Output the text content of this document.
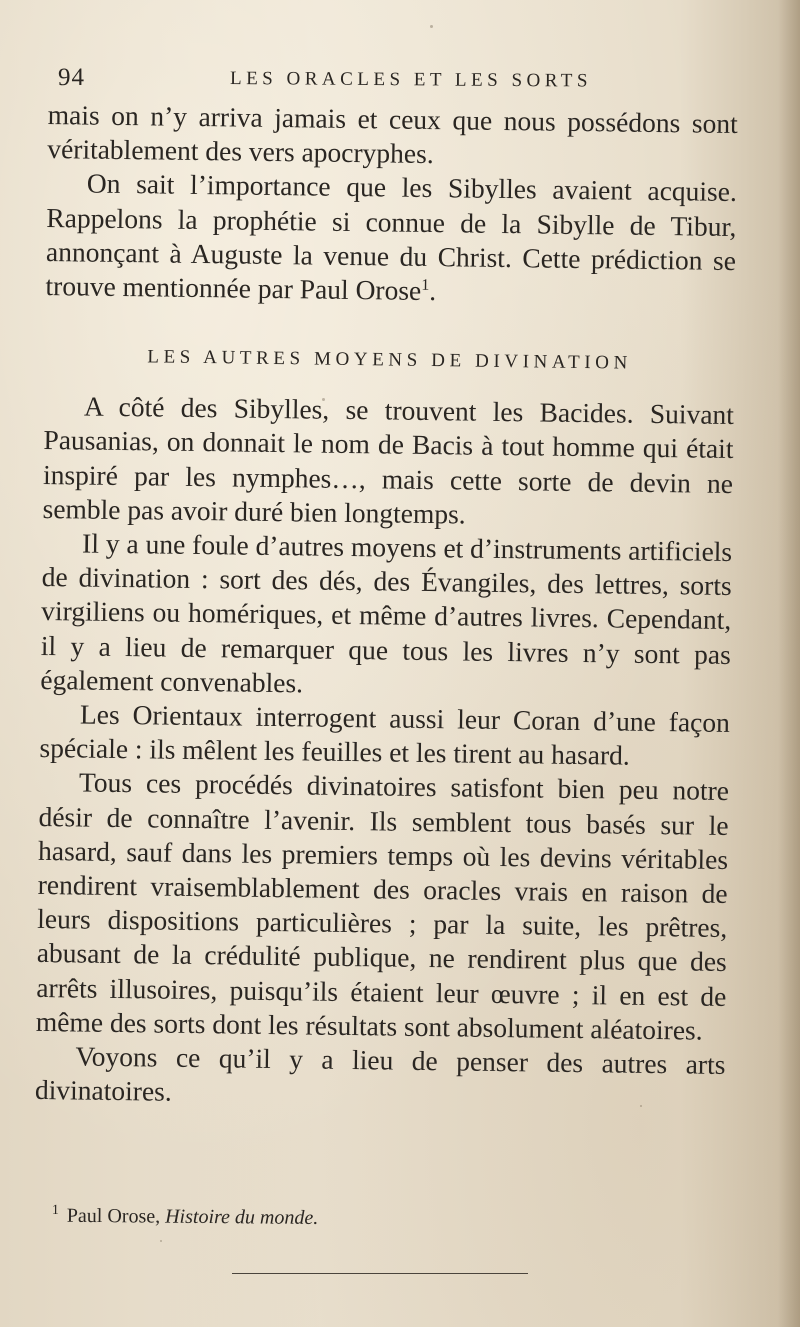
94	LES ORACLES ET LES SORTS

mais on n’y arriva jamais et ceux que nous possédons sont véritablement des vers apocryphes.

On sait l’importance que les Sibylles avaient acquise. Rappelons la prophétie si connue de la Sibylle de Tibur, annonçant à Auguste la venue du Christ. Cette prédiction se trouve mentionnée par Paul Orose$^1$.

LES AUTRES MOYENS DE DIVINATION

A côté des Sibylles, se trouvent les Bacides. Suivant Pausanias, on donnait le nom de Bacis à tout homme qui était inspiré par les nymphes…, mais cette sorte de devin ne semble pas avoir duré bien longtemps.

Il y a une foule d’autres moyens et d’instruments artificiels de divination : sort des dés, des Évangiles, des lettres, sorts virgiliens ou homériques, et même d’autres livres. Cependant, il y a lieu de remarquer que tous les livres n’y sont pas également convenables.

Les Orientaux interrogent aussi leur Coran d’une façon spéciale : ils mêlent les feuilles et les tirent au hasard.

Tous ces procédés divinatoires satisfont bien peu notre désir de connaître l’avenir. Ils semblent tous basés sur le hasard, sauf dans les premiers temps où les devins véritables rendirent vraisemblablement des oracles vrais en raison de leurs dispositions particulières ; par la suite, les prêtres, abusant de la crédulité publique, ne rendirent plus que des arrêts illusoires, puisqu’ils étaient leur œuvre ; il en est de même des sorts dont les résultats sont absolument aléatoires.

Voyons ce qu’il y a lieu de penser des autres arts divinatoires.

$^1$ Paul Orose, Histoire du monde.
